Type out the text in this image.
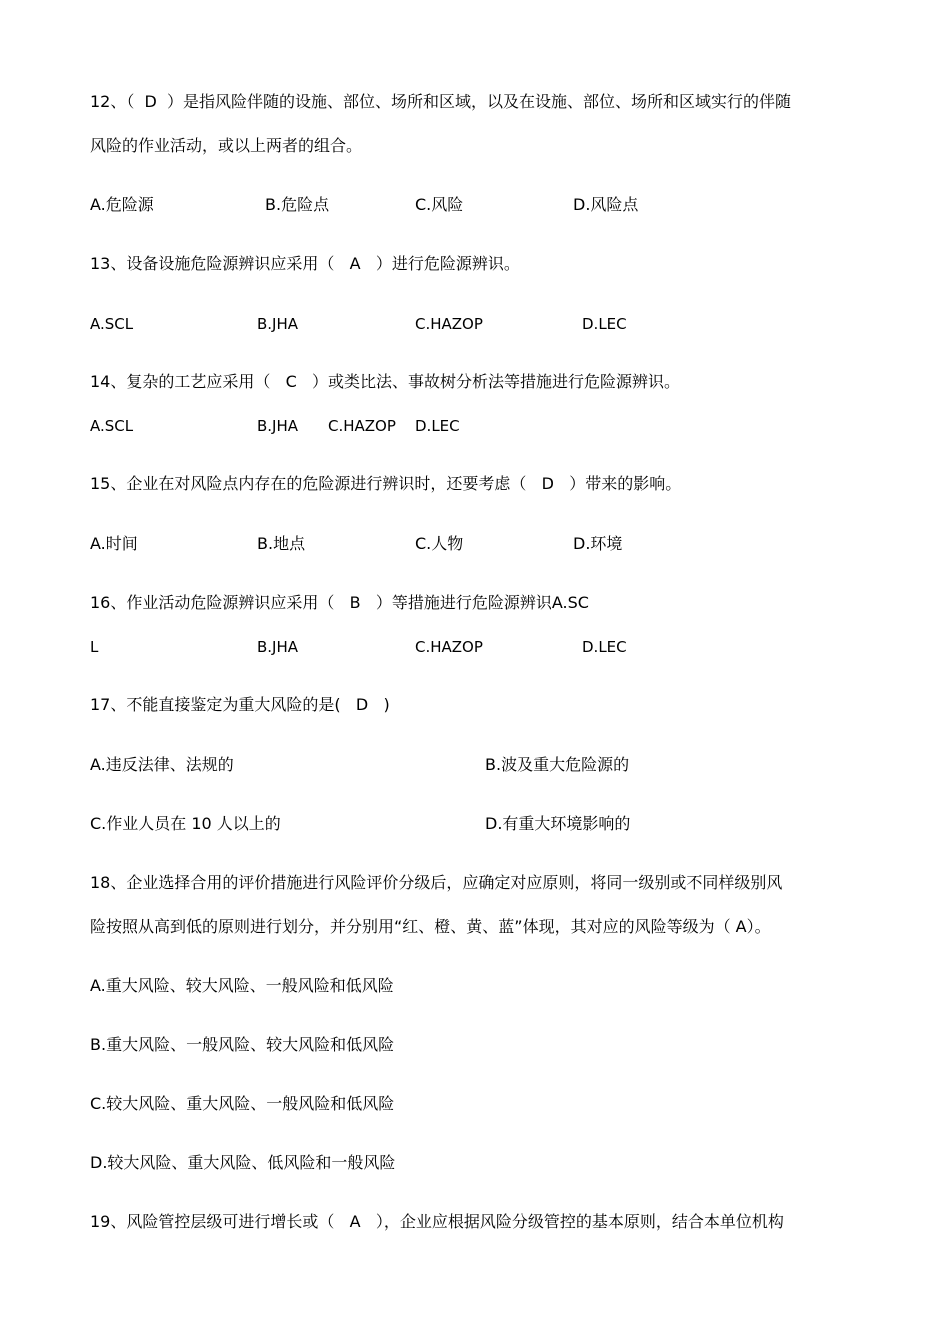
12、（  D  ）是指风险伴随的设施、部位、场所和区域，以及在设施、部位、场所和区域实行的伴随
风险的作业活动，或以上两者的组合。
A.危险源	B.危险点	C.风险	D.风险点
13、设备设施危险源辨识应采用（   A   ）进行危险源辨识。
A.SCL	B.JHA	C.HAZOP	D.LEC
14、复杂的工艺应采用（   C   ）或类比法、事故树分析法等措施进行危险源辨识。
A.SCL	B.JHA C.HAZOP D.LEC
15、企业在对风险点内存在的危险源进行辨识时，还要考虑（   D   ）带来的影响。
A.时间	B.地点	C.人物	D.环境
16、作业活动危险源辨识应采用（   B   ）等措施进行危险源辨识A.SC
L	B.JHA	C.HAZOP	D.LEC
17、不能直接鉴定为重大风险的是(   D   )
A.违反法律、法规的	B.波及重大危险源的
C.作业人员在 10 人以上的	D.有重大环境影响的
18、企业选择合用的评价措施进行风险评价分级后，应确定对应原则，将同一级别或不同样级别风
险按照从高到低的原则进行划分，并分别用“红、橙、黄、蓝”体现，其对应的风险等级为（ A）。
A.重大风险、较大风险、一般风险和低风险
B.重大风险、一般风险、较大风险和低风险
C.较大风险、重大风险、一般风险和低风险
D.较大风险、重大风险、低风险和一般风险
19、风险管控层级可进行增长或（   A   ），企业应根据风险分级管控的基本原则，结合本单位机构
